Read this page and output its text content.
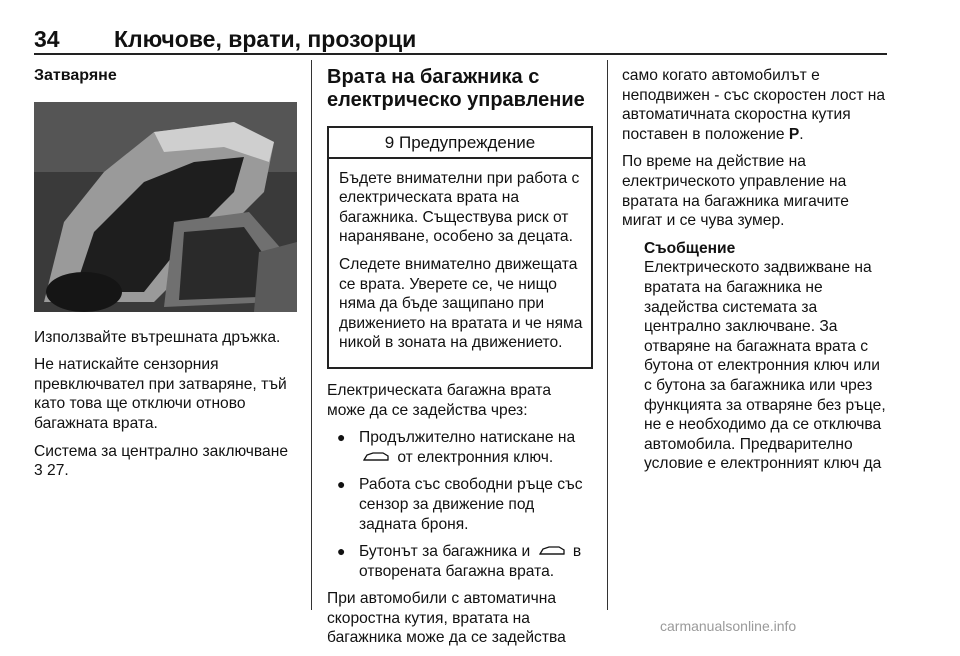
34 Ключове, врати, прозорци
Затваряне

Използвайте вътрешната дръжка.

Не натискайте сензорния превключвател при затваряне, тъй като това ще отключи отново багажната врата.

Система за централно заключване
3 27.

Врата на багажника с електрическо управление
9 Предупреждение

Бъдете внимателни при работа с електрическата врата на багажника. Съществува риск от нараняване, особено за децата.

Следете внимателно движещата се врата. Уверете се, че нищо няма да бъде защипано при движението на вратата и че няма никой в зоната на движението.

Електрическата багажна врата може да се задейства чрез:

● Продължително натискане на  от електронния ключ.
● Работа със свободни ръце със сензор за движение под задната броня.
● Бутонът за багажника и	в отворената багажна врата.

При автомобили с автоматична скоростна кутия, вратата на багажника може да се задейства

само когато автомобилът е неподвижен - със скоростен лост на автоматичната скоростна кутия поставен в положение P.

По време на действие на електрическото управление на вратата на багажника мигачите мигат и се чува зумер.

Съобщение
Електрическото задвижване на вратата на багажника не задейства системата за централно заключване. За отваряне на багажната врата с бутона от електронния ключ или с бутона за багажника или чрез функцията за отваряне без ръце, не е необходимо да се отключва автомобила. Предварително условие е електронният ключ да
carmanualsonline.info
